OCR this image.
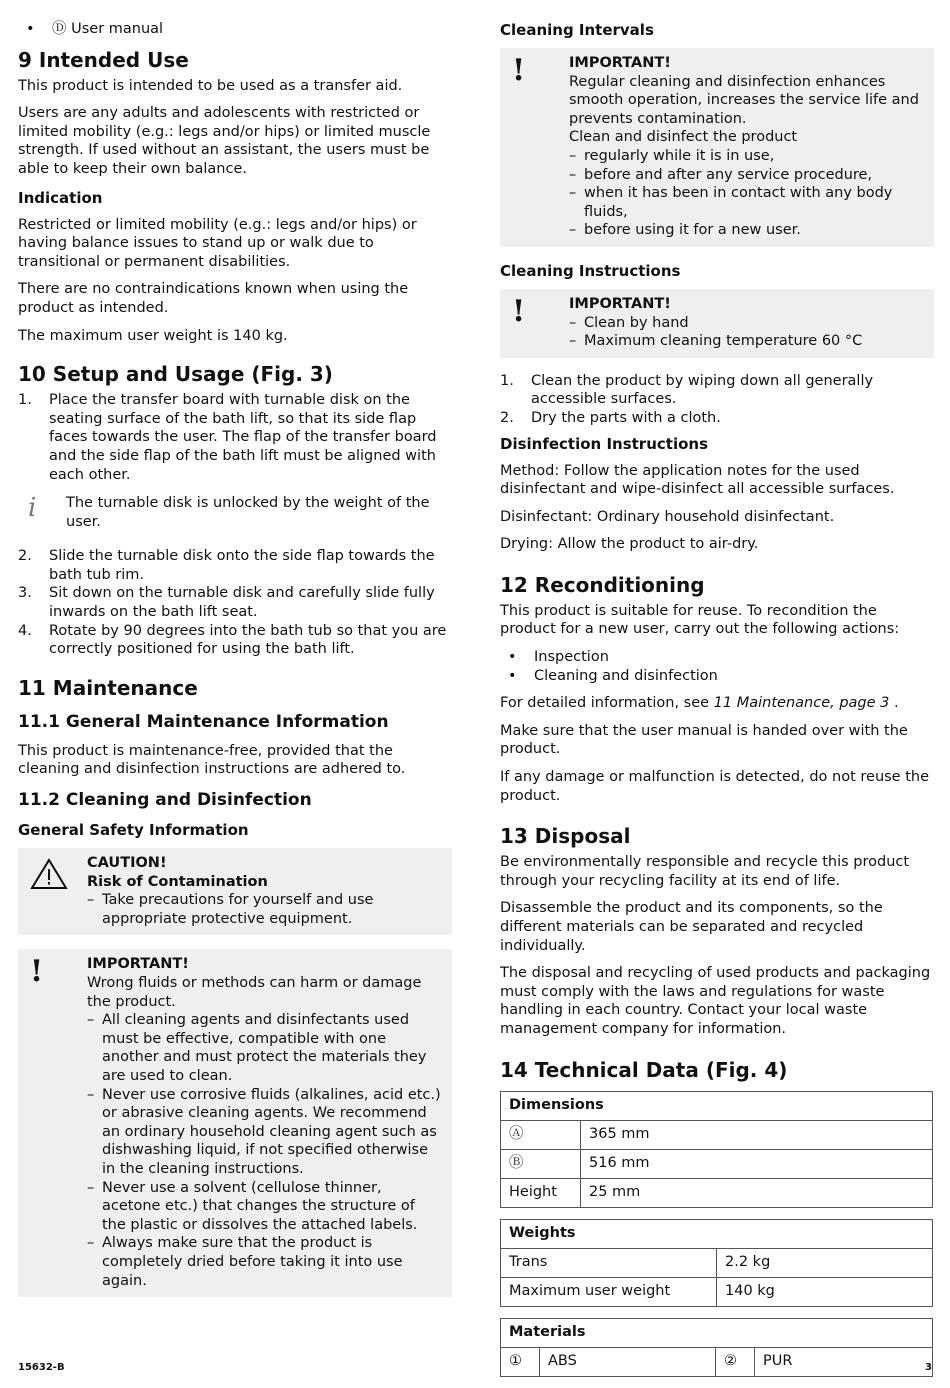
• Ⓓ User manual
9 Intended Use

This product is intended to be used as a transfer aid.

Users are any adults and adolescents with restricted or limited mobility (e.g.: legs and/or hips) or limited muscle strength. If used without an assistant, the users must be able to keep their own balance.

Indication

Restricted or limited mobility (e.g.: legs and/or hips) or having balance issues to stand up or walk due to transitional or permanent disabilities.

There are no contraindications known when using the product as intended.

The maximum user weight is 140 kg.

10 Setup and Usage (Fig. 3)
1. Place the transfer board with turnable disk on the seating surface of the bath lift, so that its side flap faces towards the user. The flap of the transfer board and the side flap of the bath lift must be aligned with each other.
i The turnable disk is unlocked by the weight of the user.
2. Slide the turnable disk onto the side flap towards the bath tub rim.
3. Sit down on the turnable disk and carefully slide fully inwards on the bath lift seat.
4. Rotate by 90 degrees into the bath tub so that you are correctly positioned for using the bath lift.
11 Maintenance
11.1 General Maintenance Information

This product is maintenance-free, provided that the cleaning and disinfection instructions are adhered to.

11.2 Cleaning and Disinfection
General Safety Information
CAUTION!
Risk of Contamination
– Take precautions for yourself and use appropriate protective equipment.
!	IMPORTANT!
Wrong fluids or methods can harm or damage the product.
– All cleaning agents and disinfectants used must be effective, compatible with one another and must protect the materials they are used to clean.
– Never use corrosive fluids (alkalines, acid etc.) or abrasive cleaning agents. We recommend an ordinary household cleaning agent such as dishwashing liquid, if not specified otherwise in the cleaning instructions.
– Never use a solvent (cellulose thinner, acetone etc.) that changes the structure of the plastic or dissolves the attached labels.
– Always make sure that the product is completely dried before taking it into use again.
Cleaning Intervals
!	IMPORTANT!
Regular cleaning and disinfection enhances smooth operation, increases the service life and prevents contamination.
Clean and disinfect the product
– regularly while it is in use,
– before and after any service procedure,
– when it has been in contact with any body fluids,
– before using it for a new user.
Cleaning Instructions
!	IMPORTANT!
– Clean by hand
– Maximum cleaning temperature 60 °C
1. Clean the product by wiping down all generally accessible surfaces.
2. Dry the parts with a cloth.
Disinfection Instructions

Method: Follow the application notes for the used disinfectant and wipe-disinfect all accessible surfaces.

Disinfectant: Ordinary household disinfectant.

Drying: Allow the product to air-dry.

12 Reconditioning

This product is suitable for reuse. To recondition the product for a new user, carry out the following actions:

• Inspection
• Cleaning and disinfection

For detailed information, see 11 Maintenance, page 3 .

Make sure that the user manual is handed over with the product.

If any damage or malfunction is detected, do not reuse the product.

13 Disposal

Be environmentally responsible and recycle this product through your recycling facility at its end of life.

Disassemble the product and its components, so the different materials can be separated and recycled individually.

The disposal and recycling of used products and packaging must comply with the laws and regulations for waste handling in each country. Contact your local waste management company for information.

14 Technical Data (Fig. 4)
Dimensions	
Ⓐ	365 mm
Ⓑ	516 mm
Height	25 mm
Weights	
Trans	2.2 kg
Maximum user weight	140 kg
Materials
①	ABS	②	PUR
15632-B	3
